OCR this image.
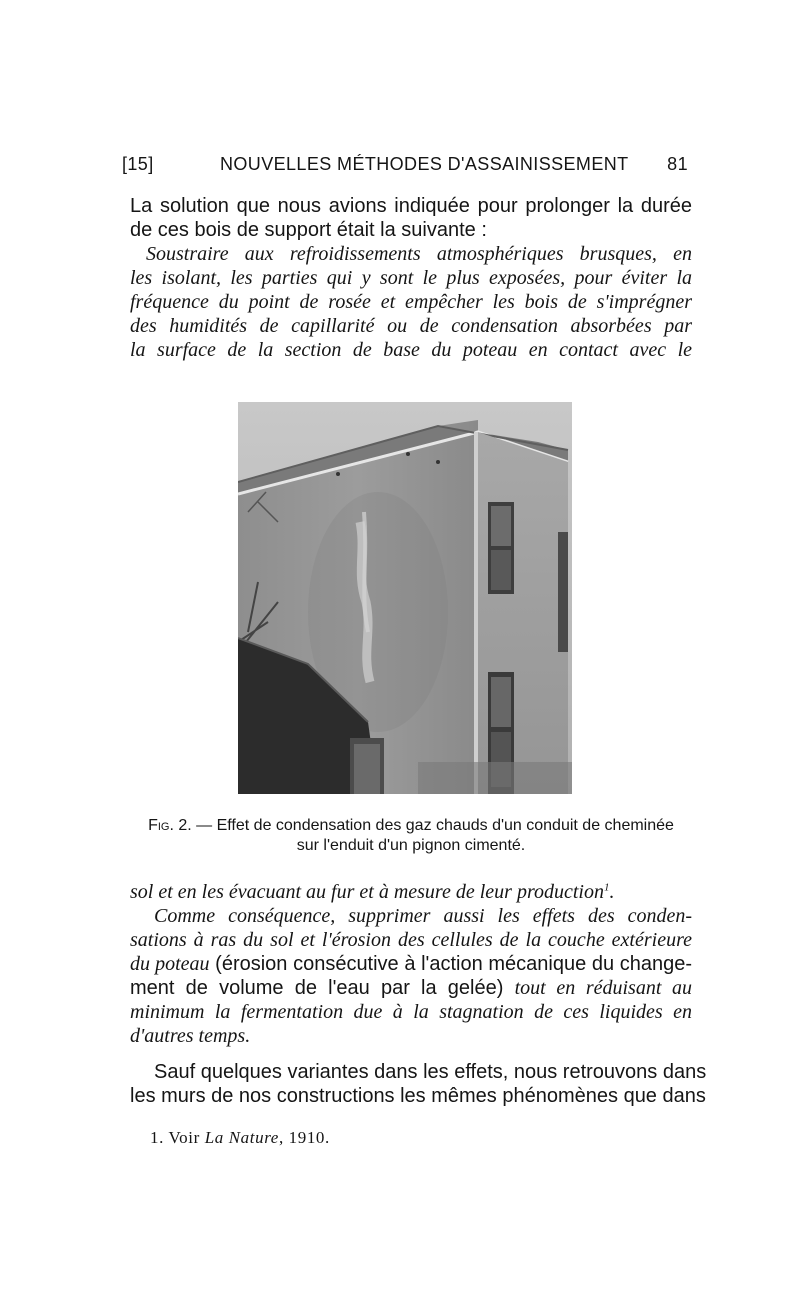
[15]	NOUVELLES MÉTHODES D'ASSAINISSEMENT 81

La solution que nous avions indiquée pour prolonger la durée
de ces bois de support était la suivante :

Soustraire aux refroidissements atmosphériques brusques, en
les isolant, les parties qui y sont le plus exposées, pour éviter la
fréquence du point de rosée et empêcher les bois de s'imprégner
des humidités de capillarité ou de condensation absorbées par
la surface de la section de base du poteau en contact avec le

Fig. 2. — Effet de condensation des gaz chauds d'un conduit de cheminée
sur l'enduit d'un pignon cimenté.

sol et en les évacuant au fur et à mesure de leur production$^1$.
Comme conséquence, supprimer aussi les effets des conden-
sations à ras du sol et l'érosion des cellules de la couche extérieure
du poteau (érosion consécutive à l'action mécanique du change-
ment de volume de l'eau par la gelée) tout en réduisant au
minimum la fermentation due à la stagnation de ces liquides en
d'autres temps.

Sauf quelques variantes dans les effets, nous retrouvons dans
les murs de nos constructions les mêmes phénomènes que dans

1. Voir La Nature, 1910.
